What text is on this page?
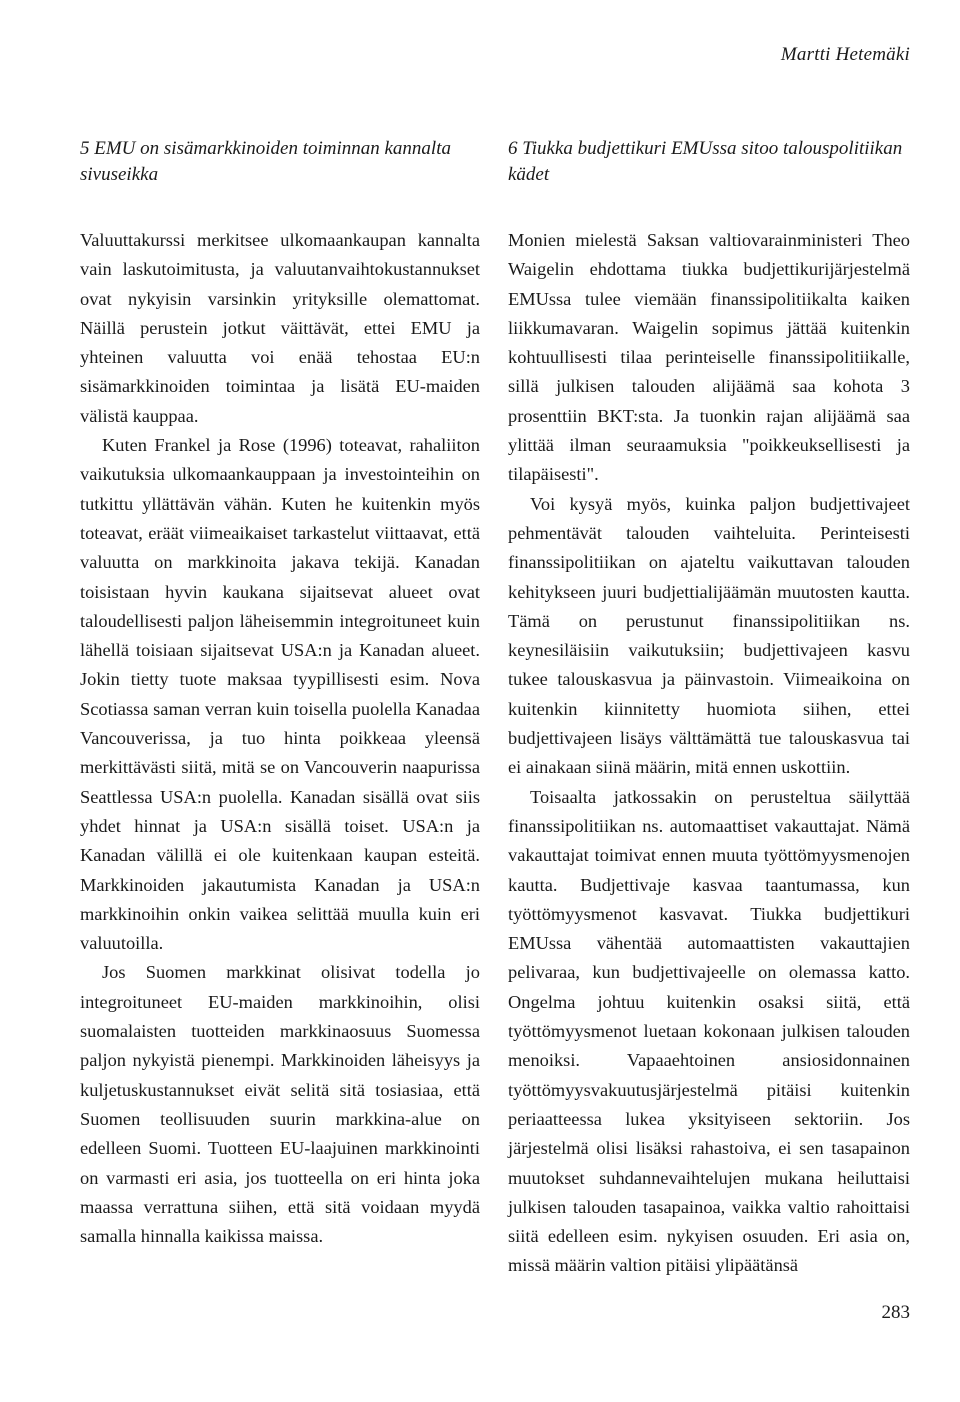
Martti Hetemäki
5 EMU on sisämarkkinoiden toiminnan kannalta sivuseikka

Valuuttakurssi merkitsee ulkomaankaupan kannalta vain laskutoimitusta, ja valuutanvaihtokustannukset ovat nykyisin varsinkin yrityksille olemattomat. Näillä perustein jotkut väittävät, ettei EMU ja yhteinen valuutta voi enää tehostaa EU:n sisämarkkinoiden toimintaa ja lisätä EU-maiden välistä kauppaa.

Kuten Frankel ja Rose (1996) toteavat, rahaliiton vaikutuksia ulkomaankauppaan ja investointeihin on tutkittu yllättävän vähän. Kuten he kuitenkin myös toteavat, eräät viimeaikaiset tarkastelut viittaavat, että valuutta on markkinoita jakava tekijä. Kanadan toisistaan hyvin kaukana sijaitsevat alueet ovat taloudellisesti paljon läheisemmin integroituneet kuin lähellä toisiaan sijaitsevat USA:n ja Kanadan alueet. Jokin tietty tuote maksaa tyypillisesti esim. Nova Scotiassa saman verran kuin toisella puolella Kanadaa Vancouverissa, ja tuo hinta poikkeaa yleensä merkittävästi siitä, mitä se on Vancouverin naapurissa Seattlessa USA:n puolella. Kanadan sisällä ovat siis yhdet hinnat ja USA:n sisällä toiset. USA:n ja Kanadan välillä ei ole kuitenkaan kaupan esteitä. Markkinoiden jakautumista Kanadan ja USA:n markkinoihin onkin vaikea selittää muulla kuin eri valuutoilla.

Jos Suomen markkinat olisivat todella jo integroituneet EU-maiden markkinoihin, olisi suomalaisten tuotteiden markkinaosuus Suomessa paljon nykyistä pienempi. Markkinoiden läheisyys ja kuljetuskustannukset eivät selitä sitä tosiasiaa, että Suomen teollisuuden suurin markkina-alue on edelleen Suomi. Tuotteen EU-laajuinen markkinointi on varmasti eri asia, jos tuotteella on eri hinta joka maassa verrattuna siihen, että sitä voidaan myydä samalla hinnalla kaikissa maissa.

6 Tiukka budjettikuri EMUssa sitoo talouspolitiikan kädet

Monien mielestä Saksan valtiovarainministeri Theo Waigelin ehdottama tiukka budjettikurijärjestelmä EMUssa tulee viemään finanssipolitiikalta kaiken liikkumavaran. Waigelin sopimus jättää kuitenkin kohtuullisesti tilaa perinteiselle finanssipolitiikalle, sillä julkisen talouden alijäämä saa kohota 3 prosenttiin BKT:sta. Ja tuonkin rajan alijäämä saa ylittää ilman seuraamuksia "poikkeuksellisesti ja tilapäisesti".

Voi kysyä myös, kuinka paljon budjettivajeet pehmentävät talouden vaihteluita. Perinteisesti finanssipolitiikan on ajateltu vaikuttavan talouden kehitykseen juuri budjettialijäämän muutosten kautta. Tämä on perustunut finanssipolitiikan ns. keynesiläisiin vaikutuksiin; budjettivajeen kasvu tukee talouskasvua ja päinvastoin. Viimeaikoina on kuitenkin kiinnitetty huomiota siihen, ettei budjettivajeen lisäys välttämättä tue talouskasvua tai ei ainakaan siinä määrin, mitä ennen uskottiin.

Toisaalta jatkossakin on perusteltua säilyttää finanssipolitiikan ns. automaattiset vakauttajat. Nämä vakauttajat toimivat ennen muuta työttömyysmenojen kautta. Budjettivaje kasvaa taantumassa, kun työttömyysmenot kasvavat. Tiukka budjettikuri EMUssa vähentää automaattisten vakauttajien pelivaraa, kun budjettivajeelle on olemassa katto. Ongelma johtuu kuitenkin osaksi siitä, että työttömyysmenot luetaan kokonaan julkisen talouden menoiksi. Vapaaehtoinen ansiosidonnainen työttömyysvakuutusjärjestelmä pitäisi kuitenkin periaatteessa lukea yksityiseen sektoriin. Jos järjestelmä olisi lisäksi rahastoiva, ei sen tasapainon muutokset suhdannevaihtelujen mukana heiluttaisi julkisen talouden tasapainoa, vaikka valtio rahoittaisi siitä edelleen esim. nykyisen osuuden. Eri asia on, missä määrin valtion pitäisi ylipäätänsä

283
